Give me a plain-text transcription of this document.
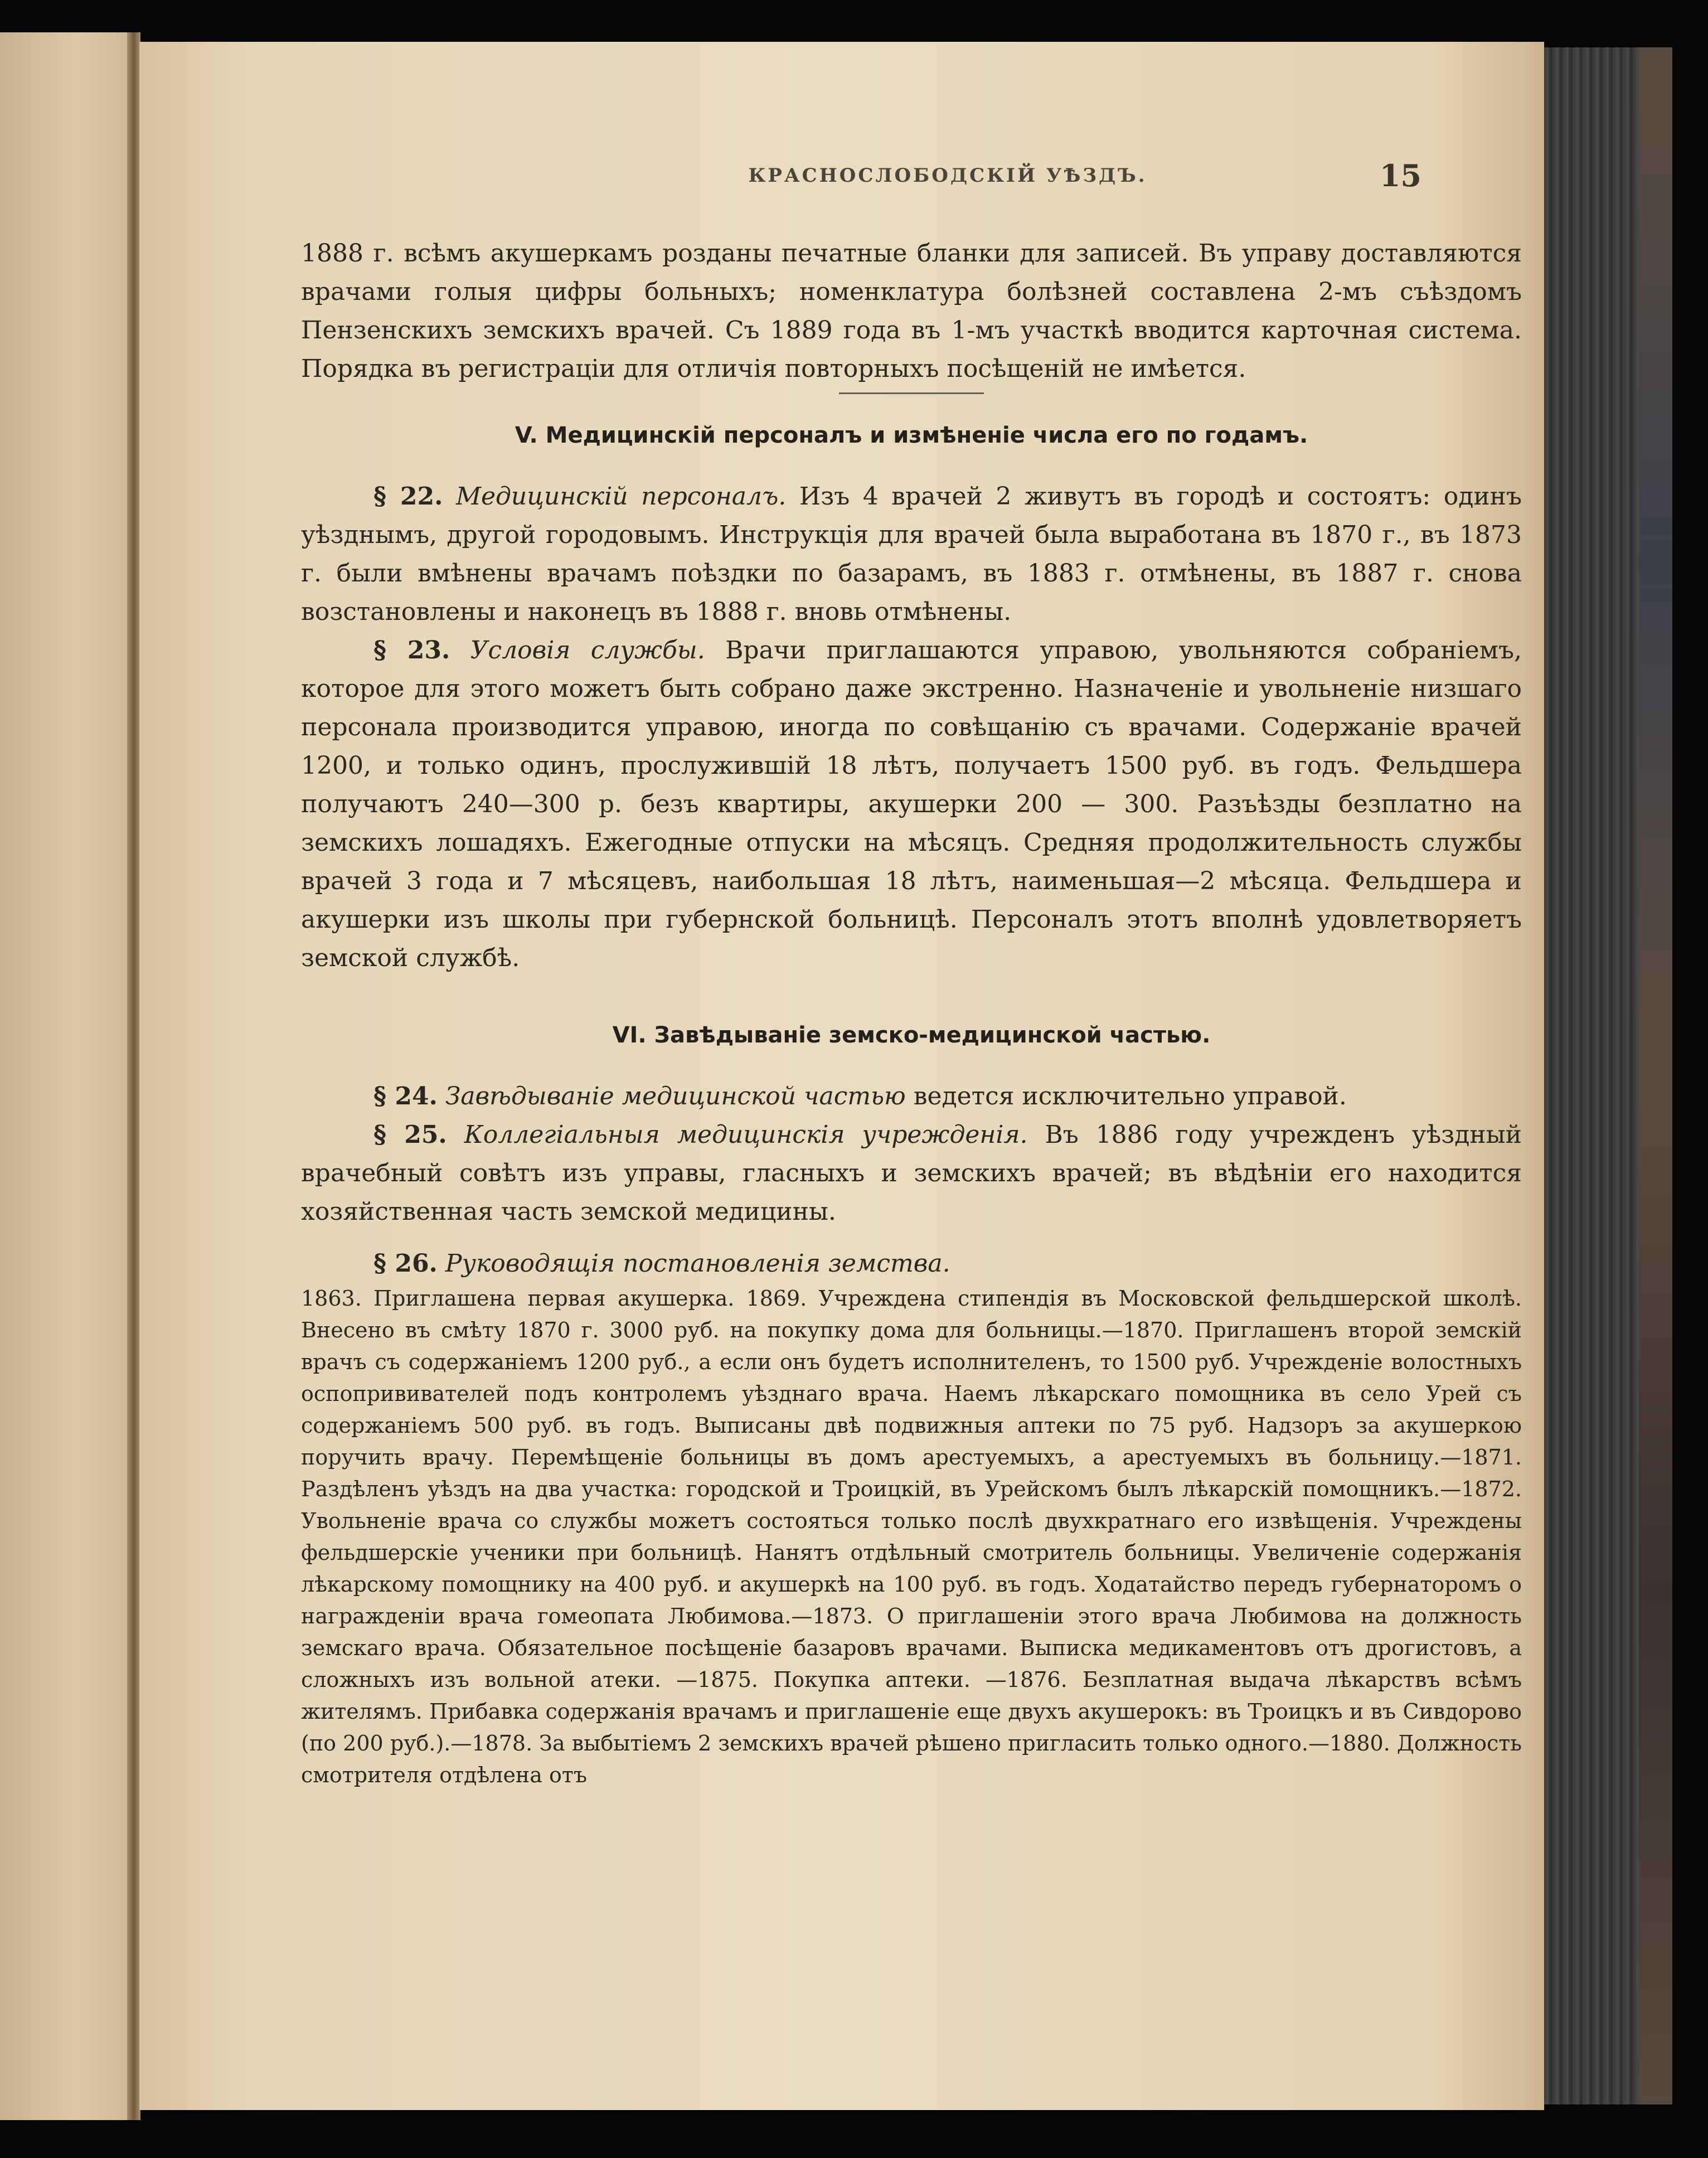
КРАСНОСЛОБОДСКІЙ УѢЗДЪ.	15

1888 г. всѣмъ акушеркамъ розданы печатные бланки для записей. Въ управу доставляются врачами голыя цифры больныхъ; номенклатура болѣзней составлена 2-мъ съѣздомъ Пензенскихъ земскихъ врачей. Съ 1889 года въ 1-мъ участкѣ вводится карточная система. Порядка въ регистраціи для отличія повторныхъ посѣщеній не имѣется.

V. Медицинскій персоналъ и измѣненіе числа его по годамъ.

§ 22. Медицинскій персоналъ. Изъ 4 врачей 2 живутъ въ городѣ и состоятъ: одинъ уѣзднымъ, другой городовымъ. Инструкція для врачей была выработана въ 1870 г., въ 1873 г. были вмѣнены врачамъ поѣздки по базарамъ, въ 1883 г. отмѣнены, въ 1887 г. снова возстановлены и наконецъ въ 1888 г. вновь отмѣнены.

§ 23. Условія службы. Врачи приглашаются управою, увольняются собраніемъ, которое для этого можетъ быть собрано даже экстренно. Назначеніе и увольненіе низшаго персонала производится управою, иногда по совѣщанію съ врачами. Содержаніе врачей 1200, и только одинъ, прослужившій 18 лѣтъ, получаетъ 1500 руб. въ годъ. Фельдшера получаютъ 240—300 р. безъ квартиры, акушерки 200 — 300. Разъѣзды безплатно на земскихъ лошадяхъ. Ежегодные отпуски на мѣсяцъ. Средняя продолжительность службы врачей 3 года и 7 мѣсяцевъ, наибольшая 18 лѣтъ, наименьшая—2 мѣсяца. Фельдшера и акушерки изъ школы при губернской больницѣ. Персоналъ этотъ вполнѣ удовлетворяетъ земской службѣ.

VI. Завѣдываніе земско-медицинской частью.

§ 24. Завѣдываніе медицинской частью ведется исключительно управой.

§ 25. Коллегіальныя медицинскія учрежденія. Въ 1886 году учрежденъ уѣздный врачебный совѣтъ изъ управы, гласныхъ и земскихъ врачей; въ вѣдѣніи его находится хозяйственная часть земской медицины.

§ 26. Руководящія постановленія земства.

1863. Приглашена первая акушерка. 1869. Учреждена стипендія въ Московской фельдшерской школѣ. Внесено въ смѣту 1870 г. 3000 руб. на покупку дома для больницы.—1870. Приглашенъ второй земскій врачъ съ содержаніемъ 1200 руб., а если онъ будетъ исполнителенъ, то 1500 руб. Учрежденіе волостныхъ оспопрививателей подъ контролемъ уѣзднаго врача. Наемъ лѣкарскаго помощника въ село Урей съ содержаніемъ 500 руб. въ годъ. Выписаны двѣ подвижныя аптеки по 75 руб. Надзоръ за акушеркою поручить врачу. Перемѣщеніе больницы въ домъ арестуемыхъ, а арестуемыхъ въ больницу.—1871. Раздѣленъ уѣздъ на два участка: городской и Троицкій, въ Урейскомъ былъ лѣкарскій помощникъ.—1872. Увольненіе врача со службы можетъ состояться только послѣ двухкратнаго его извѣщенія. Учреждены фельдшерскіе ученики при больницѣ. Нанятъ отдѣльный смотритель больницы. Увеличеніе содержанія лѣкарскому помощнику на 400 руб. и акушеркѣ на 100 руб. въ годъ. Ходатайство передъ губернаторомъ о награжденіи врача гомеопата Любимова.—1873. О приглашеніи этого врача Любимова на должность земскаго врача. Обязательное посѣщеніе базаровъ врачами. Выписка медикаментовъ отъ дрогистовъ, а сложныхъ изъ вольной атеки. —1875. Покупка аптеки. —1876. Безплатная выдача лѣкарствъ всѣмъ жителямъ. Прибавка содержанія врачамъ и приглашеніе еще двухъ акушерокъ: въ Троицкъ и въ Сивдорово (по 200 руб.).—1878. За выбытіемъ 2 земскихъ врачей рѣшено пригласить только одного.—1880. Должность смотрителя отдѣлена отъ
